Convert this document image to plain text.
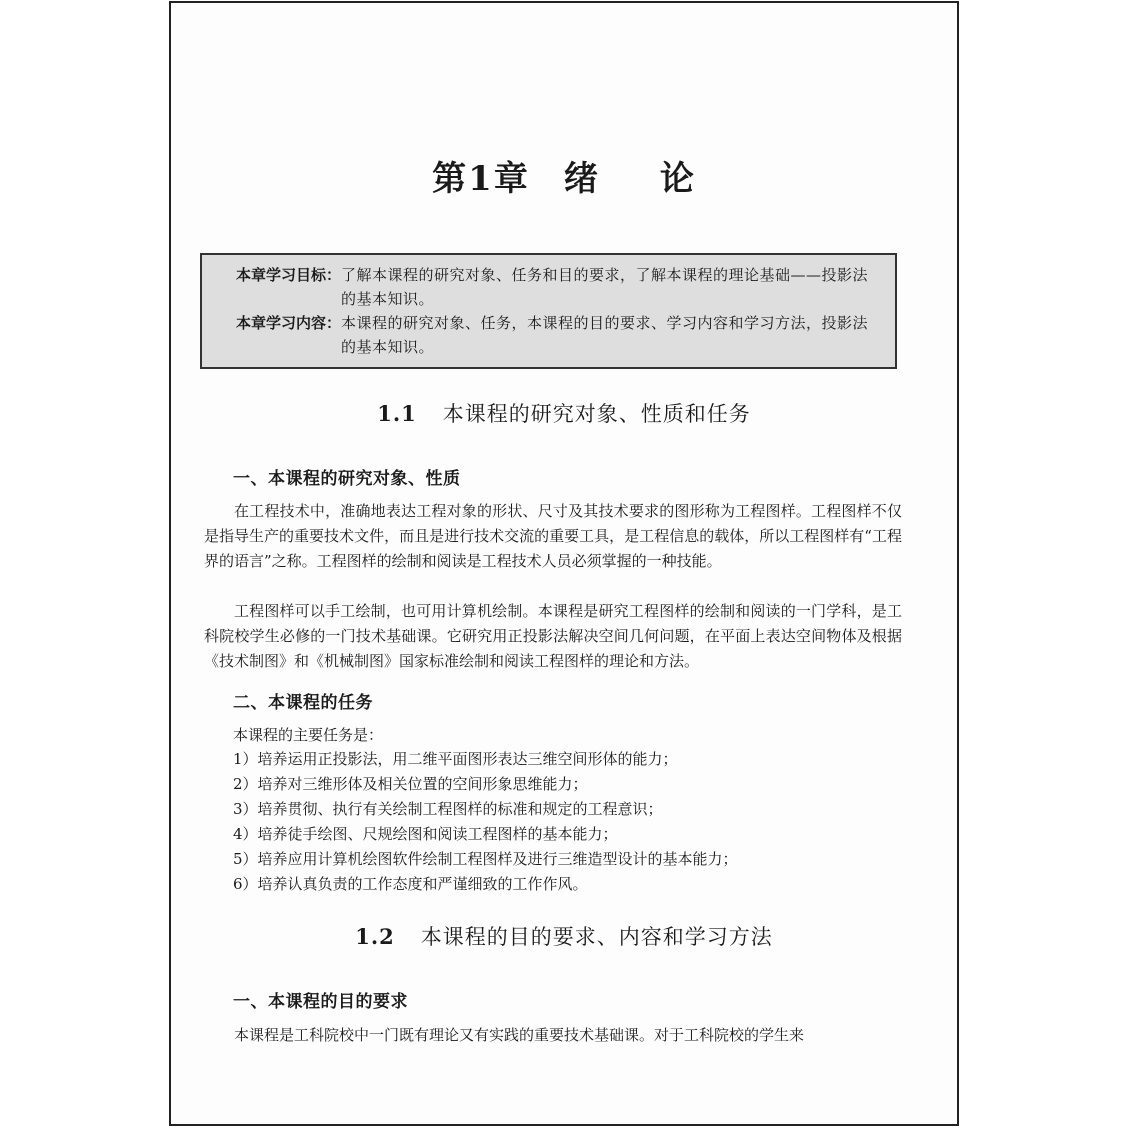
第1章 绪 论
本章学习目标： 了解本课程的研究对象、任务和目的要求，了解本课程的理论基础——投影法的基本知识。
本章学习内容： 本课程的研究对象、任务，本课程的目的要求、学习内容和学习方法，投影法的基本知识。
1.1 本课程的研究对象、性质和任务
一、本课程的研究对象、性质

在工程技术中，准确地表达工程对象的形状、尺寸及其技术要求的图形称为工程图样。工程图样不仅是指导生产的重要技术文件，而且是进行技术交流的重要工具，是工程信息的载体，所以工程图样有“工程界的语言”之称。工程图样的绘制和阅读是工程技术人员必须掌握的一种技能。

工程图样可以手工绘制，也可用计算机绘制。本课程是研究工程图样的绘制和阅读的一门学科，是工科院校学生必修的一门技术基础课。它研究用正投影法解决空间几何问题，在平面上表达空间物体及根据《技术制图》和《机械制图》国家标准绘制和阅读工程图样的理论和方法。

二、本课程的任务

本课程的主要任务是：

1）培养运用正投影法，用二维平面图形表达三维空间形体的能力；
2）培养对三维形体及相关位置的空间形象思维能力；
3）培养贯彻、执行有关绘制工程图样的标准和规定的工程意识；
4）培养徒手绘图、尺规绘图和阅读工程图样的基本能力；
5）培养应用计算机绘图软件绘制工程图样及进行三维造型设计的基本能力；
6）培养认真负责的工作态度和严谨细致的工作作风。
1.2 本课程的目的要求、内容和学习方法
一、本课程的目的要求

本课程是工科院校中一门既有理论又有实践的重要技术基础课。对于工科院校的学生来
